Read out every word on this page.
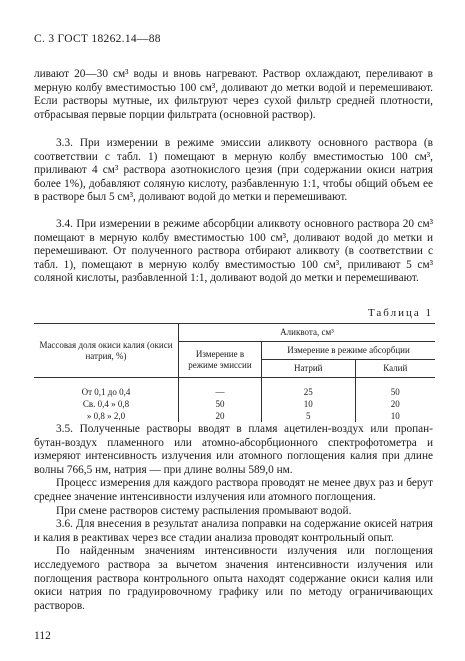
С. 3 ГОСТ 18262.14—88

ливают 20—30 см³ воды и вновь нагревают. Раствор охлаждают, переливают в мерную колбу вместимостью 100 см³, доливают до метки водой и перемешивают. Если растворы мутные, их фильтруют через сухой фильтр средней плотности, отбрасывая первые порции фильтрата (основной раствор).

3.3. При измерении в режиме эмиссии аликвоту основного раствора (в соответствии с табл. 1) помещают в мерную колбу вместимостью 100 см³, приливают 4 см³ раствора азотнокислого цезия (при содержании окиси натрия более 1%), добавляют соляную кислоту, разбавленную 1:1, чтобы общий объем ее в растворе был 5 см³, доливают водой до метки и перемешивают.

3.4. При измерении в режиме абсорбции аликвоту основного раствора 20 см³ помещают в мерную колбу вместимостью 100 см³, доливают водой до метки и перемешивают. От полученного раствора отбирают аликвоту (в соответствии с табл. 1), помещают в мерную колбу вместимостью 100 см³, приливают 5 см³ соляной кислоты, разбавленной 1:1, доливают водой до метки и перемешивают.

Таблица 1
Массовая доля окиси калия (окиси натрия, %)	Аликвота, см³		
	Измерение в режиме эмиссии	Измерение в режиме абсорбции	
		Натрий	Калий
От 0,1 до 0,4	—	25	50
Св. 0,4 » 0,8	50	10	20
» 0,8 » 2,0	20	5	10

3.5. Полученные растворы вводят в пламя ацетилен-воздух или пропан-бутан-воздух пламенного или атомно-абсорбционного спектрофотометра и измеряют интенсивность излучения или атомного поглощения калия при длине волны 766,5 нм, натрия — при длине волны 589,0 нм.

Процесс измерения для каждого раствора проводят не менее двух раз и берут среднее значение интенсивности излучения или атомного поглощения.

При смене растворов систему распыления промывают водой.

3.6. Для внесения в результат анализа поправки на содержание окисей натрия и калия в реактивах через все стадии анализа проводят контрольный опыт.

По найденным значениям интенсивности излучения или поглощения исследуемого раствора за вычетом значения интенсивности излучения или поглощения раствора контрольного опыта находят содержание окиси калия или окиси натрия по градуировочному графику или по методу ограничивающих растворов.

112
